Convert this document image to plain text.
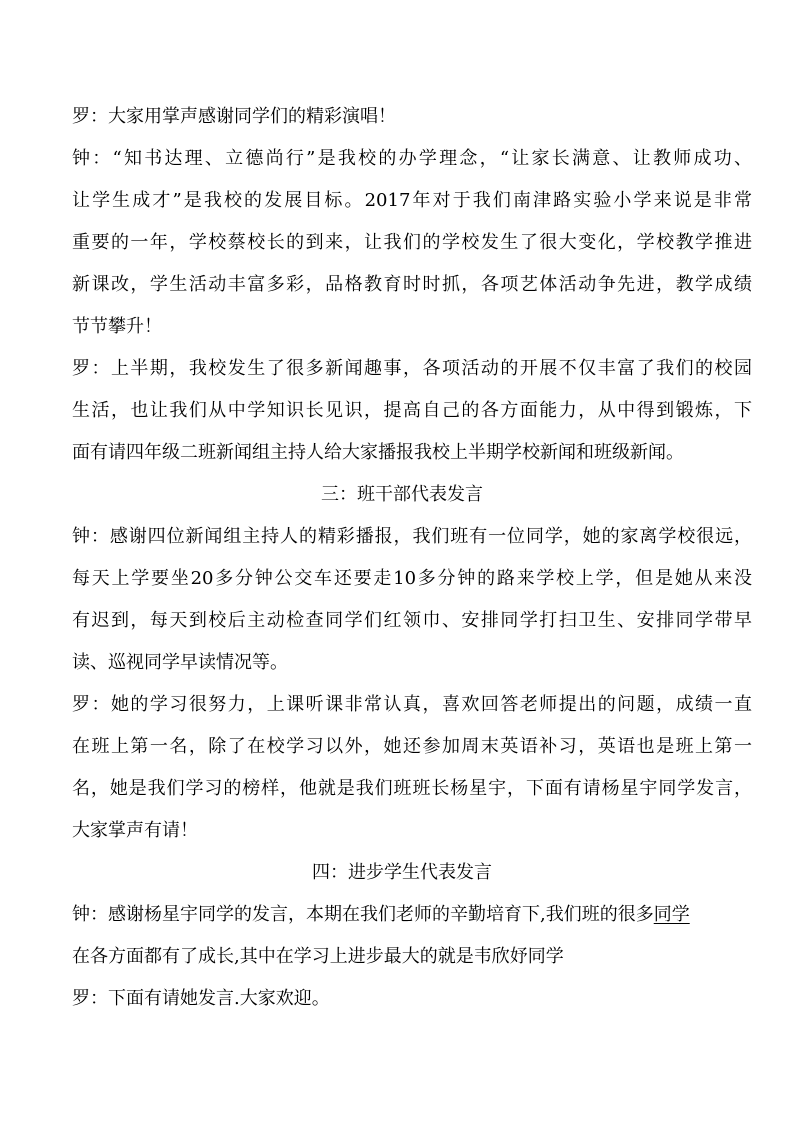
罗：大家用掌声感谢同学们的精彩演唱！
钟：“知书达理、立德尚行”是我校的办学理念，“让家长满意、让教师成功、
让学生成才”是我校的发展目标。2017年对于我们南津路实验小学来说是非常
重要的一年，学校蔡校长的到来，让我们的学校发生了很大变化，学校教学推进
新课改，学生活动丰富多彩，品格教育时时抓，各项艺体活动争先进，教学成绩
节节攀升！
罗：上半期，我校发生了很多新闻趣事，各项活动的开展不仅丰富了我们的校园
生活，也让我们从中学知识长见识，提高自己的各方面能力，从中得到锻炼，下
面有请四年级二班新闻组主持人给大家播报我校上半期学校新闻和班级新闻。
三：班干部代表发言
钟：感谢四位新闻组主持人的精彩播报，我们班有一位同学，她的家离学校很远，
每天上学要坐20多分钟公交车还要走10多分钟的路来学校上学，但是她从来没
有迟到，每天到校后主动检查同学们红领巾、安排同学打扫卫生、安排同学带早
读、巡视同学早读情况等。
罗：她的学习很努力，上课听课非常认真，喜欢回答老师提出的问题，成绩一直
在班上第一名，除了在校学习以外，她还参加周末英语补习，英语也是班上第一
名，她是我们学习的榜样，他就是我们班班长杨星宇，下面有请杨星宇同学发言，
大家掌声有请！
四：进步学生代表发言
钟：感谢杨星宇同学的发言，本期在我们老师的辛勤培育下,我们班的很多同学
在各方面都有了成长,其中在学习上进步最大的就是韦欣妤同学
罗：下面有请她发言.大家欢迎。
